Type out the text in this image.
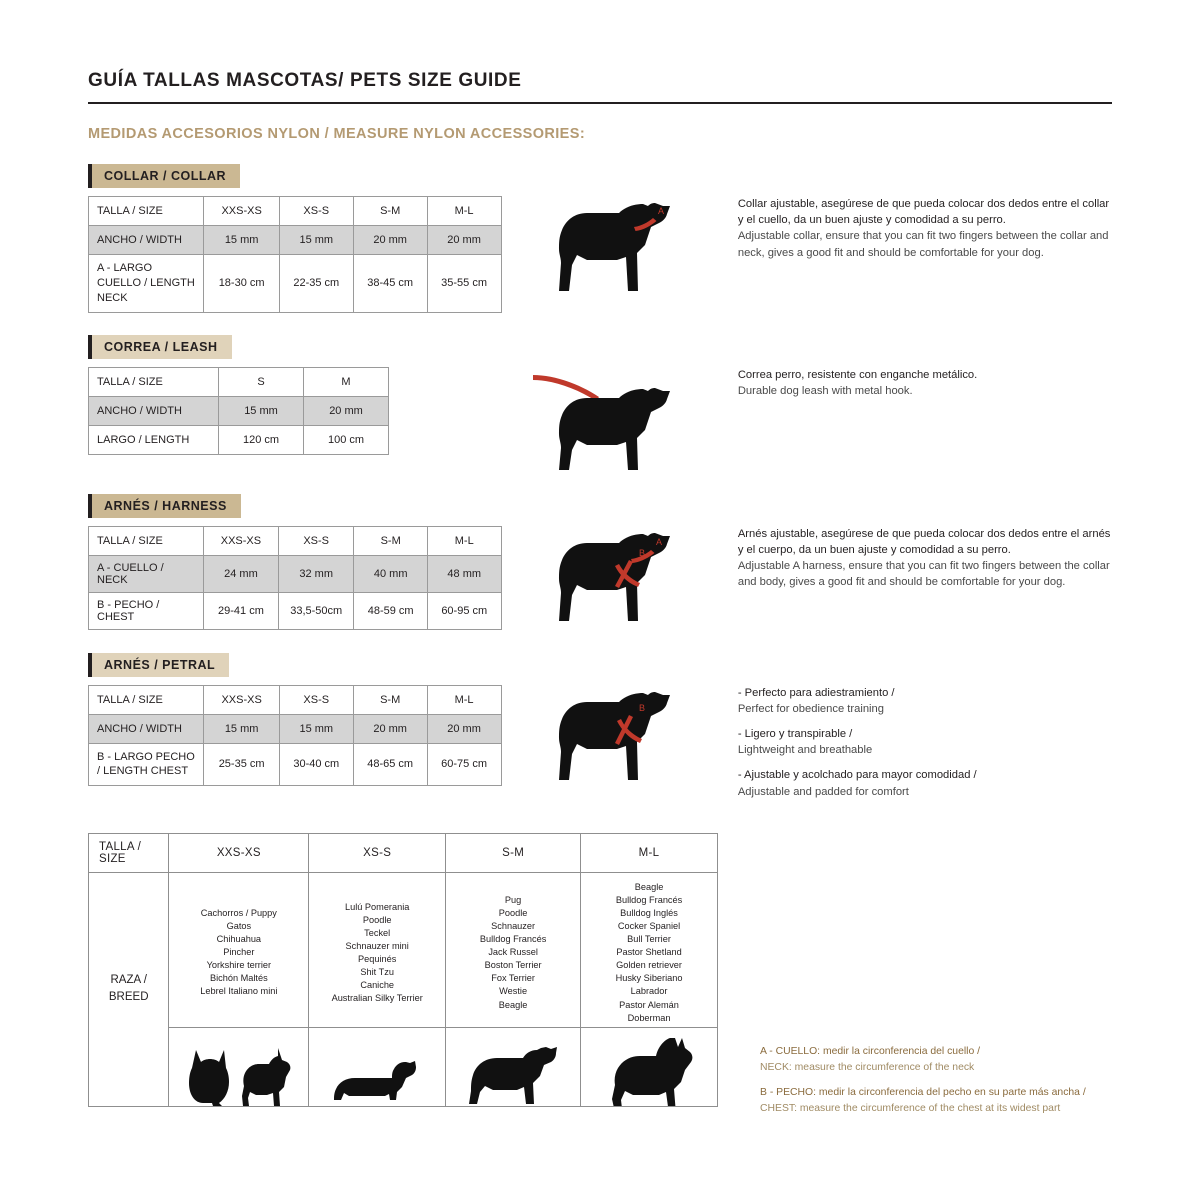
GUÍA TALLAS MASCOTAS/ PETS SIZE GUIDE
MEDIDAS ACCESORIOS NYLON / MEASURE NYLON ACCESSORIES:
COLLAR / COLLAR
TALLA / SIZE	XXS-XS	XS-S	S-M	M-L
ANCHO / WIDTH	15 mm	15 mm	20 mm	20 mm
A - LARGO CUELLO / LENGTH NECK	18-30 cm	22-35 cm	38-45 cm	35-55 cm
A
Collar ajustable, asegúrese de que pueda colocar dos dedos entre el collar y el cuello, da un buen ajuste y comodidad a su perro.
Adjustable collar, ensure that you can fit two fingers between the collar and neck, gives a good fit and should be comfortable for your dog.
CORREA / LEASH
TALLA / SIZE	S	M
ANCHO / WIDTH	15 mm	20 mm
LARGO / LENGTH	120 cm	100 cm
Correa perro, resistente con enganche metálico.
Durable dog leash with metal hook.
ARNÉS / HARNESS
TALLA / SIZE	XXS-XS	XS-S	S-M	M-L
A - CUELLO / NECK	24 mm	32 mm	40 mm	48 mm
B - PECHO / CHEST	29-41 cm	33,5-50cm	48-59 cm	60-95 cm
A
B
Arnés ajustable, asegúrese de que pueda colocar dos dedos entre el arnés y el cuerpo, da un buen ajuste y comodidad a su perro.
Adjustable A harness, ensure that you can fit two fingers between the collar and body, gives a good fit and should be comfortable for your dog.
ARNÉS / PETRAL
TALLA / SIZE	XXS-XS	XS-S	S-M	M-L
ANCHO / WIDTH	15 mm	15 mm	20 mm	20 mm
B - LARGO PECHO / LENGTH CHEST	25-35 cm	30-40 cm	48-65 cm	60-75 cm
B

- Perfecto para adiestramiento /
Perfect for obedience training

- Ligero y transpirable /
Lightweight and breathable

- Ajustable y acolchado para mayor comodidad /
Adjustable and padded for comfort

TALLA / SIZE	XXS-XS	XS-S	S-M	M-L
RAZA / BREED	
Cachorros / Puppy
Gatos
Chihuahua
Pincher
Yorkshire terrier
Bichón Maltés
Lebrel Italiano mini

Lulú Pomerania
Poodle
Teckel
Schnauzer mini
Pequinés
Shit Tzu
Caniche
Australian Silky Terrier

Pug
Poodle
Schnauzer
Bulldog Francés
Jack Russel
Boston Terrier
Fox Terrier
Westie
Beagle

Beagle
Bulldog Francés
Bulldog Inglés
Cocker Spaniel
Bull Terrier
Pastor Shetland
Golden retriever
Husky Siberiano
Labrador
Pastor Alemán
Doberman

A - CUELLO: medir la circonferencia del cuello /
NECK: measure the circumference of the neck

B - PECHO: medir la circonferencia del pecho en su parte más ancha /
CHEST: measure the circumference of the chest at its widest part
